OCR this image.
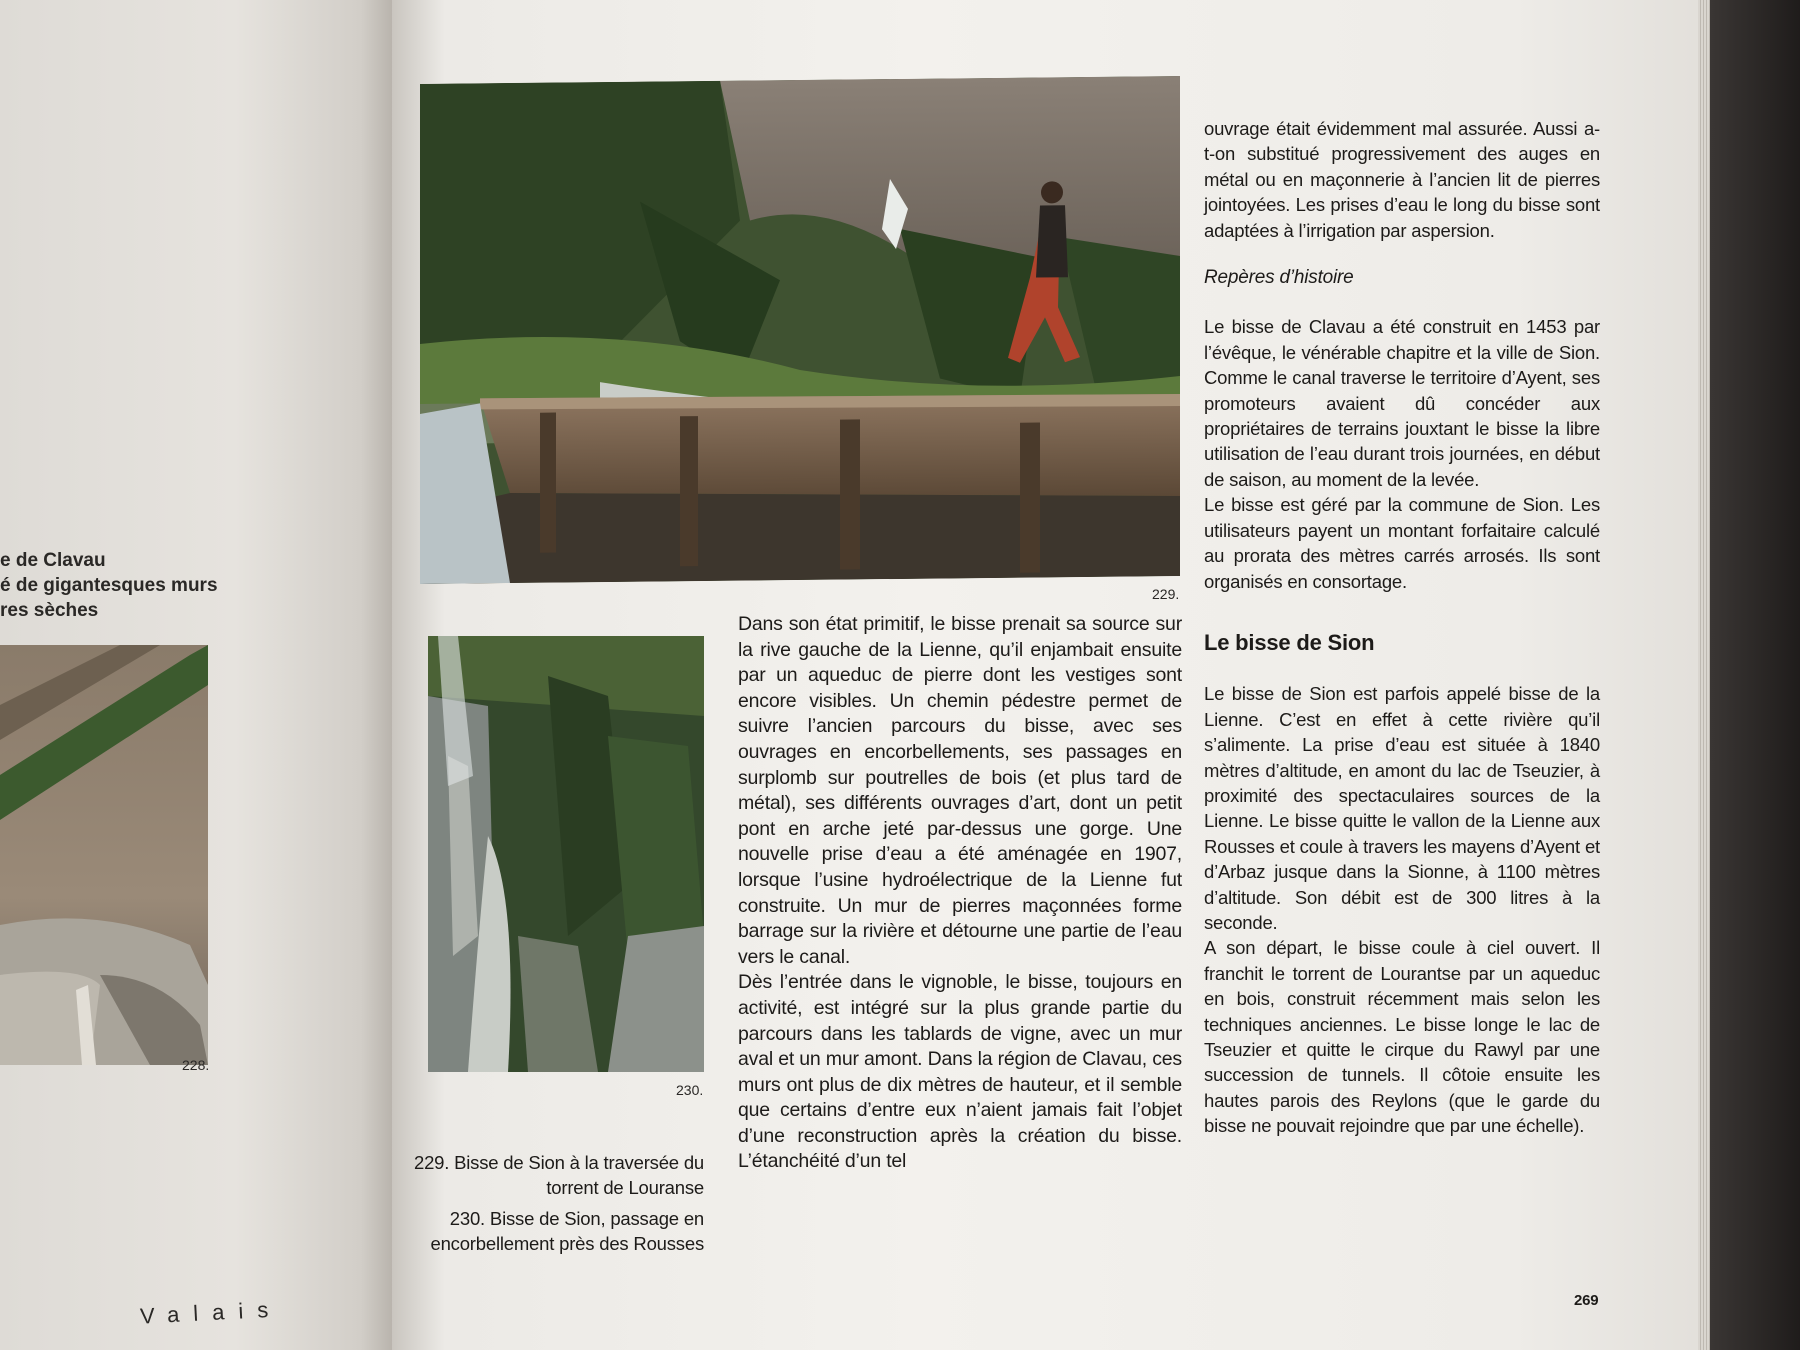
e de Clavau
é de gigantesques murs
res sèches
228.
Valais
229.
230.
229. Bisse de Sion à la traversée du torrent de Louranse
230. Bisse de Sion, passage en encorbellement près des Rousses

Dans son état primitif, le bisse prenait sa source sur la rive gauche de la Lienne, qu’il enjambait ensuite par un aqueduc de pierre dont les vestiges sont encore visibles. Un chemin pédestre permet de suivre l’ancien parcours du bisse, avec ses ouvrages en encorbellements, ses passages en surplomb sur poutrelles de bois (et plus tard de métal), ses différents ouvrages d’art, dont un petit pont en arche jeté par-dessus une gorge. Une nouvelle prise d’eau a été aménagée en 1907, lorsque l’usine hydroélectrique de la Lienne fut construite. Un mur de pierres maçonnées forme barrage sur la rivière et détourne une partie de l’eau vers le canal.

Dès l’entrée dans le vignoble, le bisse, toujours en activité, est intégré sur la plus grande partie du parcours dans les tablards de vigne, avec un mur aval et un mur amont. Dans la région de Clavau, ces murs ont plus de dix mètres de hauteur, et il semble que certains d’entre eux n’aient jamais fait l’objet d’une reconstruction après la création du bisse. L’étanchéité d’un tel

ouvrage était évidemment mal assurée. Aussi a-t-on substitué progressivement des auges en métal ou en maçonnerie à l’ancien lit de pierres jointoyées. Les prises d’eau le long du bisse sont adaptées à l’irrigation par aspersion.

Repères d’histoire

Le bisse de Clavau a été construit en 1453 par l’évêque, le vénérable chapitre et la ville de Sion. Comme le canal traverse le territoire d’Ayent, ses promoteurs avaient dû concéder aux propriétaires de terrains jouxtant le bisse la libre utilisation de l’eau durant trois journées, en début de saison, au moment de la levée.

Le bisse est géré par la commune de Sion. Les utilisateurs payent un montant forfaitaire calculé au prorata des mètres carrés arrosés. Ils sont organisés en consortage.

Le bisse de Sion

Le bisse de Sion est parfois appelé bisse de la Lienne. C’est en effet à cette rivière qu’il s’alimente. La prise d’eau est située à 1840 mètres d’altitude, en amont du lac de Tseuzier, à proximité des spectaculaires sources de la Lienne. Le bisse quitte le vallon de la Lienne aux Rousses et coule à travers les mayens d’Ayent et d’Arbaz jusque dans la Sionne, à 1100 mètres d’altitude. Son débit est de 300 litres à la seconde.

A son départ, le bisse coule à ciel ouvert. Il franchit le torrent de Lourantse par un aqueduc en bois, construit récemment mais selon les techniques anciennes. Le bisse longe le lac de Tseuzier et quitte le cirque du Rawyl par une succession de tunnels. Il côtoie ensuite les hautes parois des Reylons (que le garde du bisse ne pouvait rejoindre que par une échelle).

269
